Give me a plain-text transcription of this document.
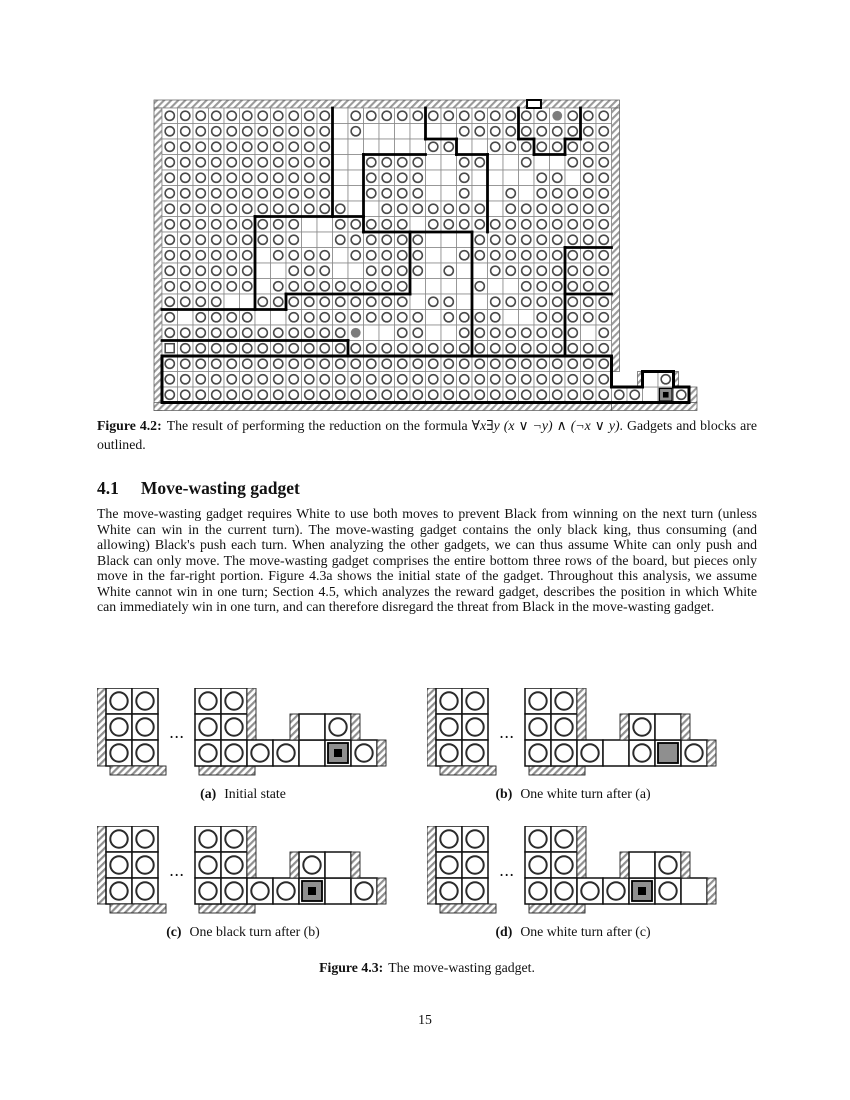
Figure 4.2: The result of performing the reduction on the formula ∀x∃y (x ∨ ¬y) ∧ (¬x ∨ y). Gadgets and blocks are outlined.
4.1 Move-wasting gadget

The move-wasting gadget requires White to use both moves to prevent Black from winning on the next turn (unless White can win in the current turn). The move-wasting gadget contains the only black king, thus consuming (and allowing) Black's push each turn. When analyzing the other gadgets, we can thus assume White can only push and Black can only move. The move-wasting gadget comprises the entire bottom three rows of the board, but pieces only move in the far-right portion. Figure 4.3a shows the initial state of the gadget. Throughout this analysis, we assume White cannot win in one turn; Section 4.5, which analyzes the reward gadget, describes the position in which White can immediately win in one turn, and can therefore disregard the threat from Black in the move-wasting gadget.

...
(a) Initial state
...
(b) One white turn after (a)
...
(c) One black turn after (b)
...
(d) One white turn after (c)
Figure 4.3: The move-wasting gadget.
15
